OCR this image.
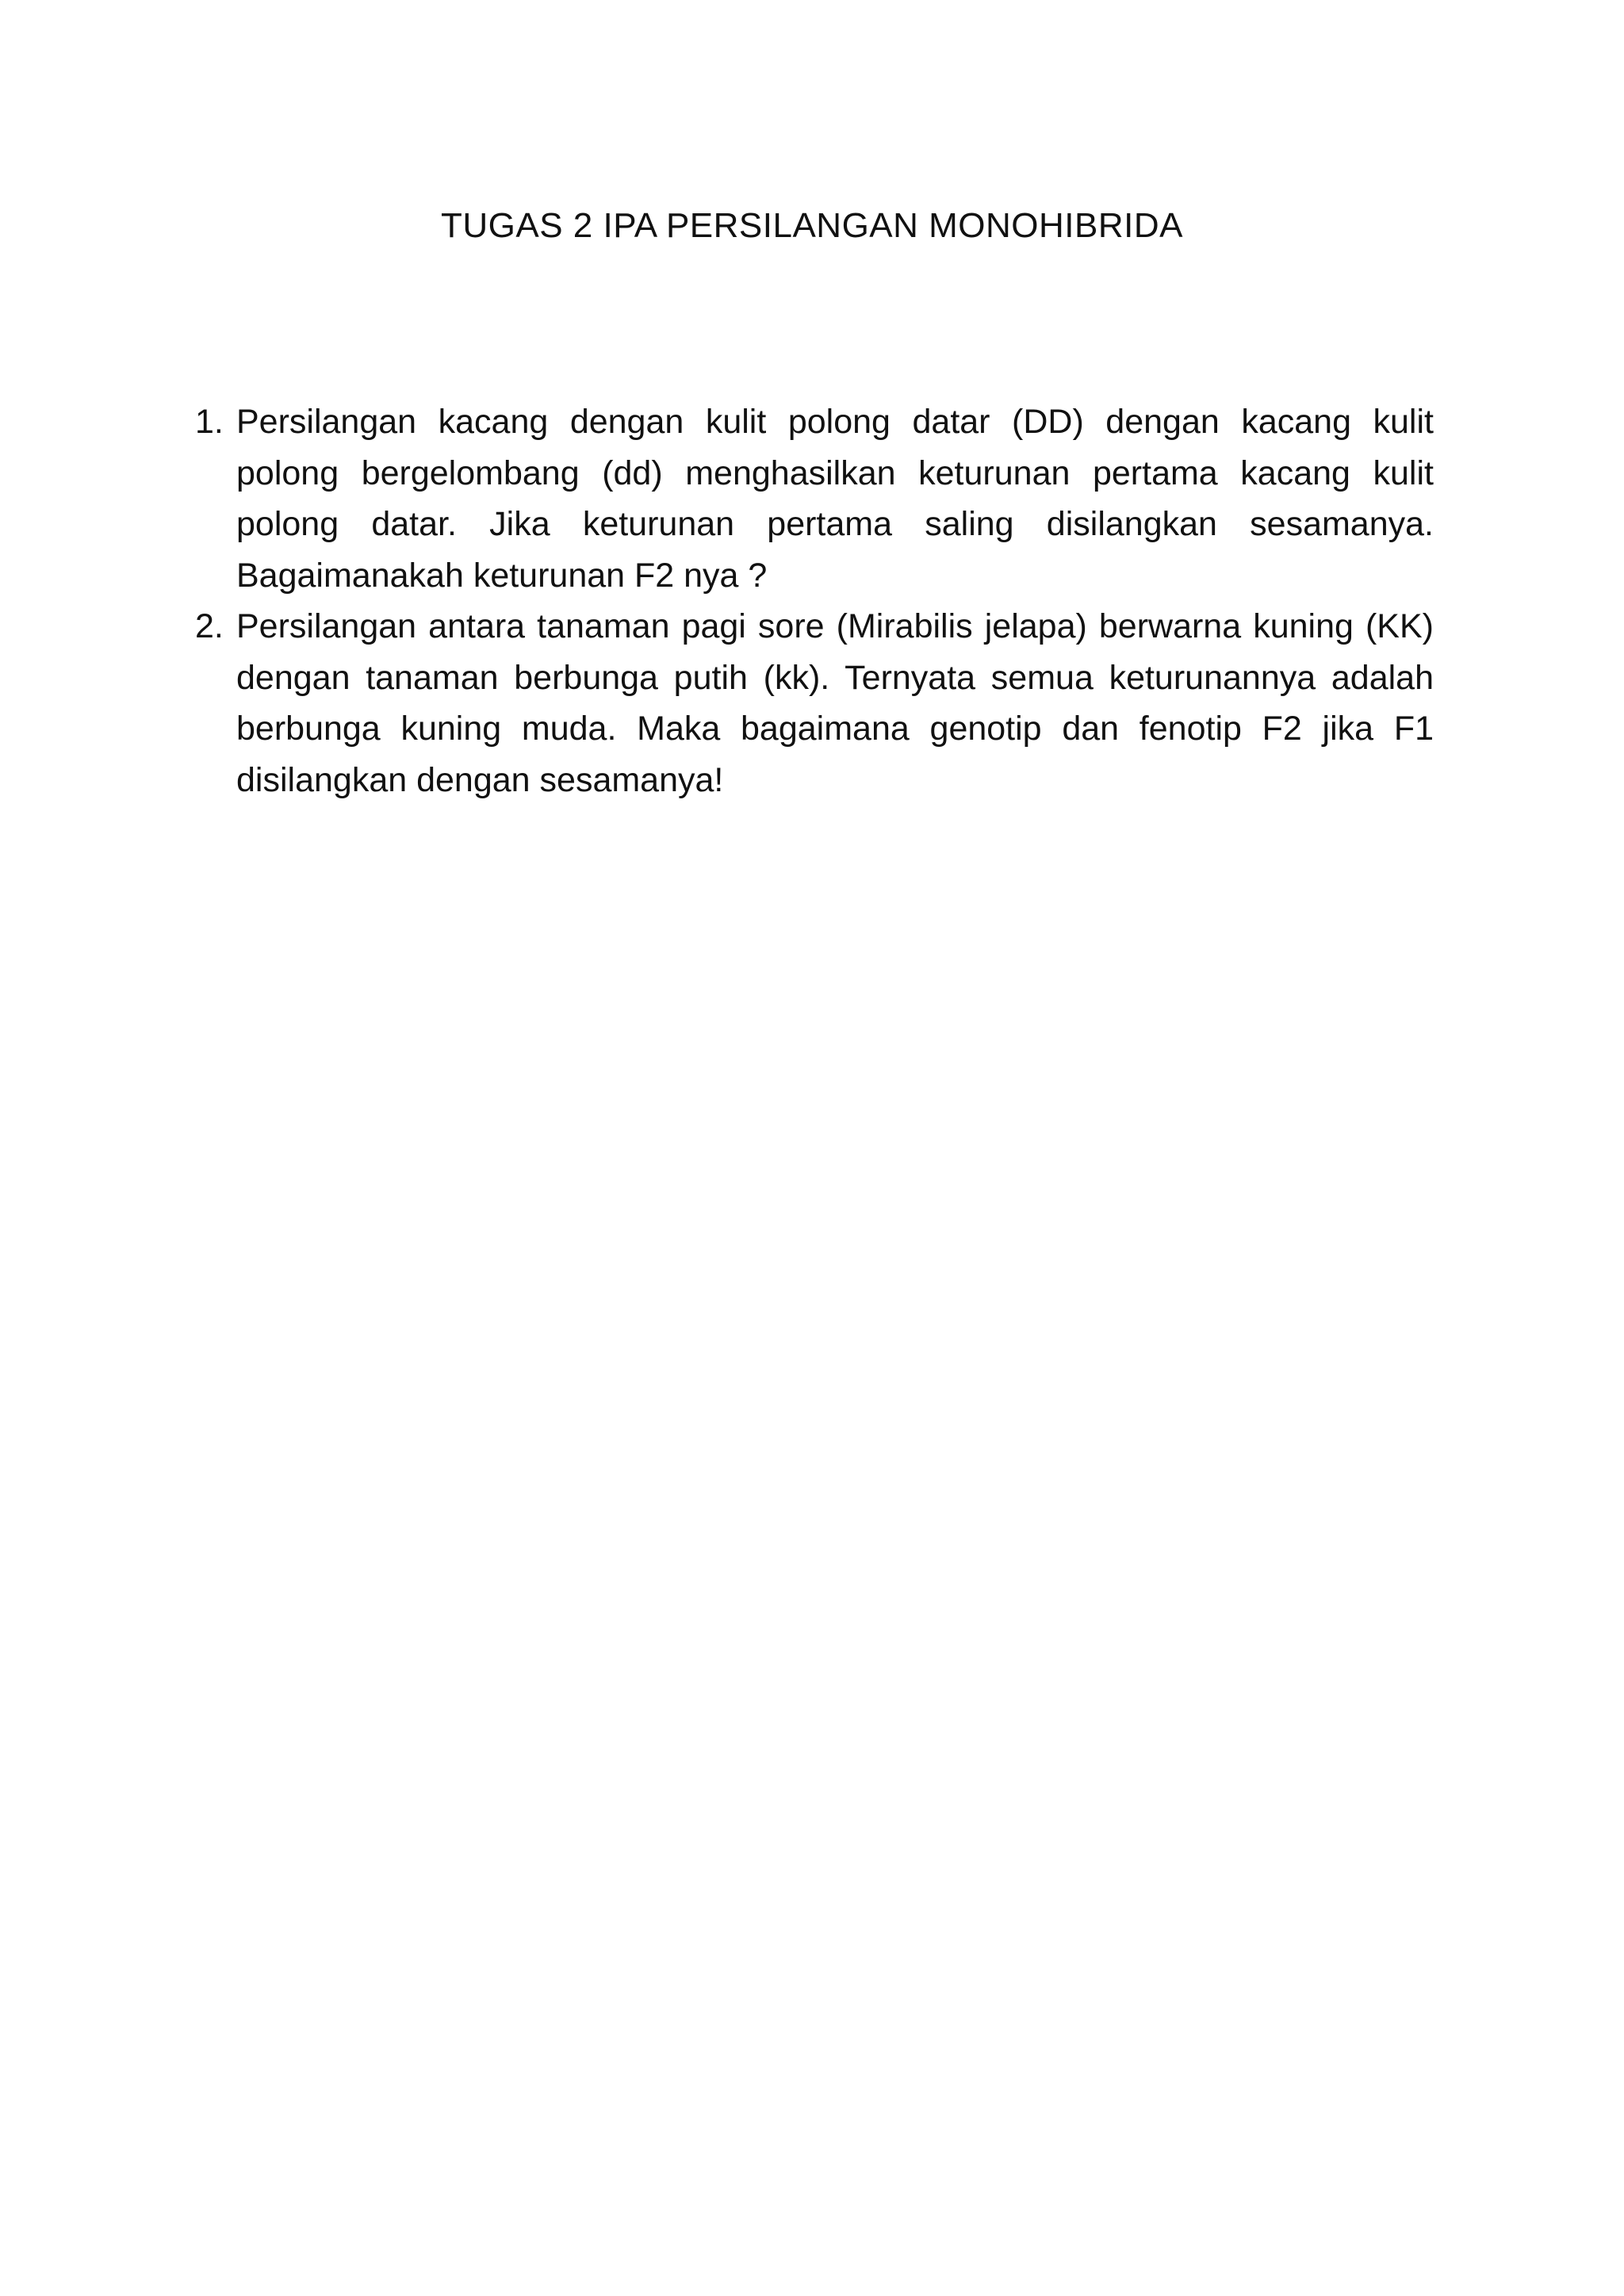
TUGAS 2 IPA PERSILANGAN MONOHIBRIDA
1. Persilangan kacang dengan kulit polong datar (DD) dengan kacang kulit polong bergelombang (dd) menghasilkan keturunan pertama kacang kulit polong datar. Jika keturunan pertama saling disilangkan sesamanya. Bagaimanakah keturunan F2 nya ?
2. Persilangan antara tanaman pagi sore (Mirabilis jelapa) berwarna kuning (KK) dengan tanaman berbunga putih (kk). Ternyata semua keturunannya adalah berbunga kuning muda. Maka bagaimana genotip dan fenotip F2 jika F1 disilangkan dengan sesamanya!
